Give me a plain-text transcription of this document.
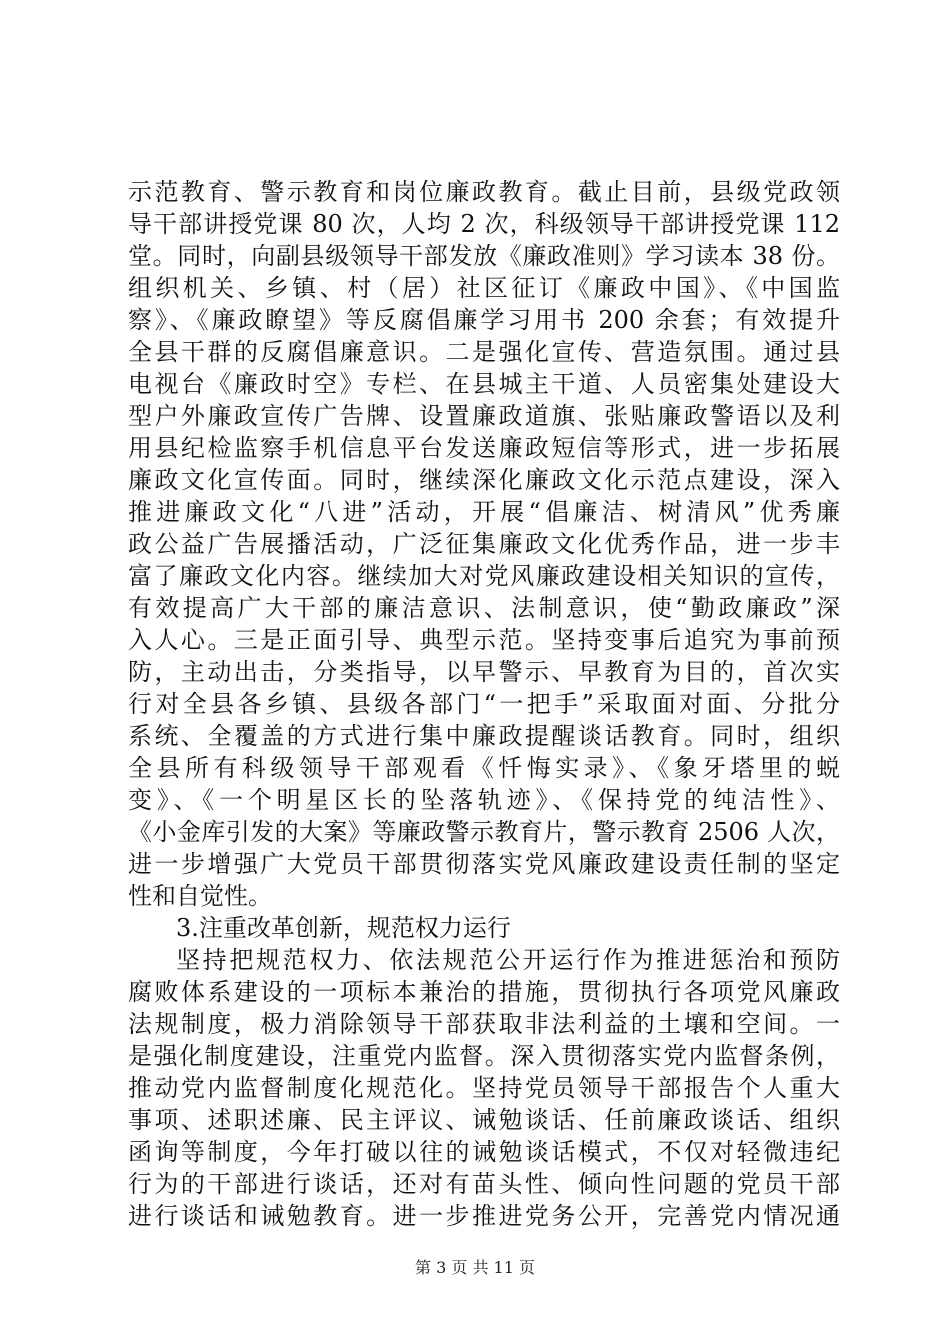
示范教育、警示教育和岗位廉政教育。截止目前，县级党政领
导干部讲授党课 80 次，人均 2 次，科级领导干部讲授党课 112
堂。同时，向副县级领导干部发放《廉政准则》学习读本 38 份。
组织机关、乡镇、村（居）社区征订《廉政中国》、《中国监
察》、《廉政瞭望》等反腐倡廉学习用书 200 余套；有效提升
全县干群的反腐倡廉意识。二是强化宣传、营造氛围。通过县
电视台《廉政时空》专栏、在县城主干道、人员密集处建设大
型户外廉政宣传广告牌、设置廉政道旗、张贴廉政警语以及利
用县纪检监察手机信息平台发送廉政短信等形式，进一步拓展
廉政文化宣传面。同时，继续深化廉政文化示范点建设，深入
推进廉政文化“八进”活动，开展“倡廉洁、树清风”优秀廉
政公益广告展播活动，广泛征集廉政文化优秀作品，进一步丰
富了廉政文化内容。继续加大对党风廉政建设相关知识的宣传，
有效提高广大干部的廉洁意识、法制意识，使“勤政廉政”深
入人心。三是正面引导、典型示范。坚持变事后追究为事前预
防，主动出击，分类指导，以早警示、早教育为目的，首次实
行对全县各乡镇、县级各部门“一把手”采取面对面、分批分
系统、全覆盖的方式进行集中廉政提醒谈话教育。同时，组织
全县所有科级领导干部观看《忏悔实录》、《象牙塔里的蜕
变》、《一个明星区长的坠落轨迹》、《保持党的纯洁性》、
《小金库引发的大案》等廉政警示教育片，警示教育 2506 人次，
进一步增强广大党员干部贯彻落实党风廉政建设责任制的坚定
性和自觉性。
3.注重改革创新，规范权力运行
坚持把规范权力、依法规范公开运行作为推进惩治和预防
腐败体系建设的一项标本兼治的措施，贯彻执行各项党风廉政
法规制度，极力消除领导干部获取非法利益的土壤和空间。一
是强化制度建设，注重党内监督。深入贯彻落实党内监督条例，
推动党内监督制度化规范化。坚持党员领导干部报告个人重大
事项、述职述廉、民主评议、诫勉谈话、任前廉政谈话、组织
函询等制度，今年打破以往的诫勉谈话模式，不仅对轻微违纪
行为的干部进行谈话，还对有苗头性、倾向性问题的党员干部
进行谈话和诫勉教育。进一步推进党务公开，完善党内情况通
第 3 页 共 11 页
